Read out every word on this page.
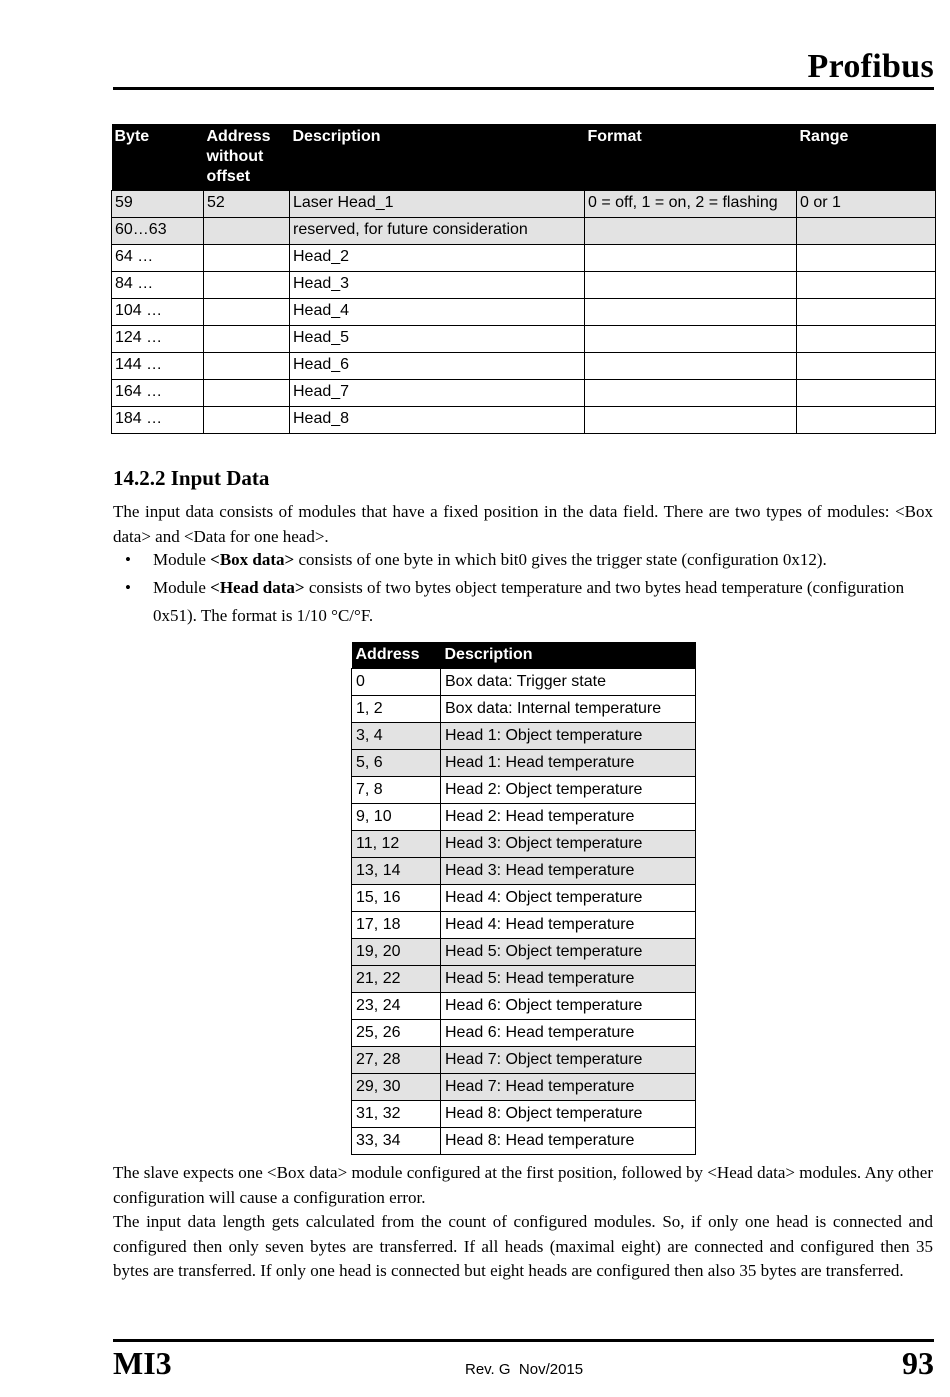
Profibus
Byte	Address without offset	Description	Format	Range
59	52	Laser Head_1	0 = off, 1 = on, 2 = flashing	0 or 1
60…63		reserved, for future consideration		
64 …		Head_2		
84 …		Head_3		
104 …		Head_4		
124 …		Head_5		
144 …		Head_6		
164 …		Head_7		
184 …		Head_8		
14.2.2 Input Data

The input data consists of modules that have a fixed position in the data field. There are two types of modules: <Box data> and <Data for one head>.

• Module <Box data> consists of one byte in which bit0 gives the trigger state (configuration 0x12).
• Module <Head data> consists of two bytes object temperature and two bytes head temperature (configuration 0x51). The format is 1/10 °C/°F.
Address	Description
0	Box data: Trigger state
1, 2	Box data: Internal temperature
3, 4	Head 1: Object temperature
5, 6	Head 1: Head temperature
7, 8	Head 2: Object temperature
9, 10	Head 2: Head temperature
11, 12	Head 3: Object temperature
13, 14	Head 3: Head temperature
15, 16	Head 4: Object temperature
17, 18	Head 4: Head temperature
19, 20	Head 5: Object temperature
21, 22	Head 5: Head temperature
23, 24	Head 6: Object temperature
25, 26	Head 6: Head temperature
27, 28	Head 7: Object temperature
29, 30	Head 7: Head temperature
31, 32	Head 8: Object temperature
33, 34	Head 8: Head temperature

The slave expects one <Box data> module configured at the first position, followed by <Head data> modules. Any other configuration will cause a configuration error.

The input data length gets calculated from the count of configured modules. So, if only one head is connected and configured then only seven bytes are transferred. If all heads (maximal eight) are connected and configured then 35 bytes are transferred. If only one head is connected but eight heads are configured then also 35 bytes are transferred.

MI3	Rev. G  Nov/2015	93
